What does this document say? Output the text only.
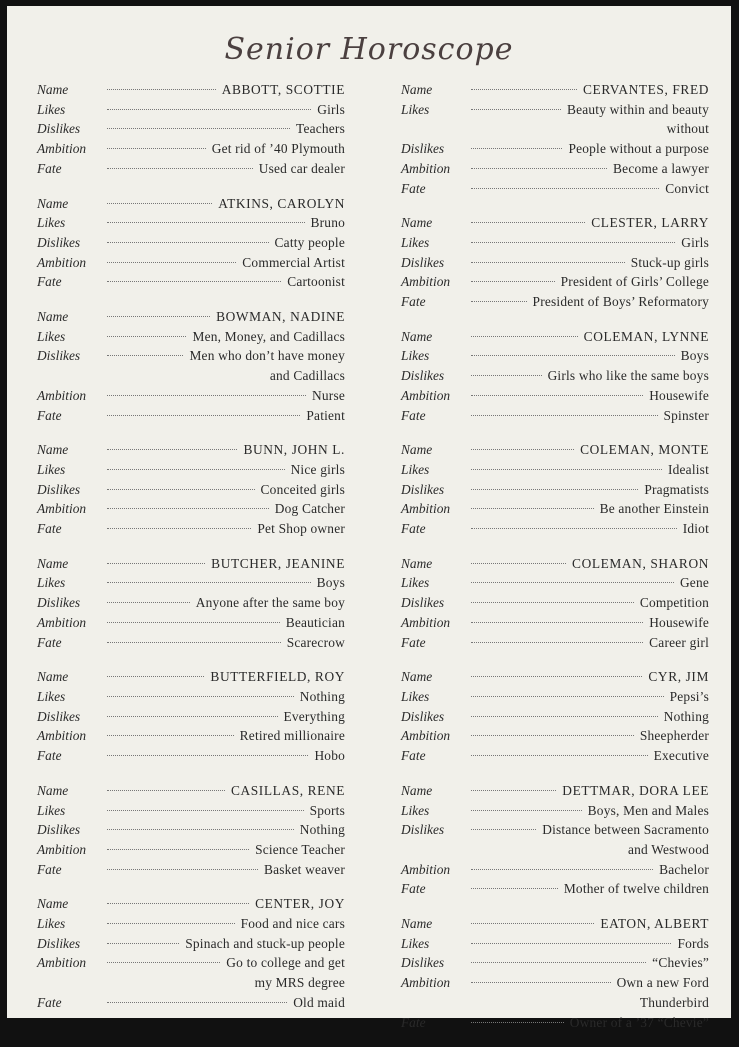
Senior Horoscope
Name	ABBOTT, SCOTTIE
Likes	Girls
Dislikes	Teachers
Ambition	Get rid of ’40 Plymouth
Fate	Used car dealer
Name	ATKINS, CAROLYN
Likes	Bruno
Dislikes	Catty people
Ambition	Commercial Artist
Fate	Cartoonist
Name	BOWMAN, NADINE
Likes	Men, Money, and Cadillacs
Dislikes	Men who don’t have money
and Cadillacs
Ambition	Nurse
Fate	Patient
Name	BUNN, JOHN L.
Likes	Nice girls
Dislikes	Conceited girls
Ambition	Dog Catcher
Fate	Pet Shop owner
Name	BUTCHER, JEANINE
Likes	Boys
Dislikes	Anyone after the same boy
Ambition	Beautician
Fate	Scarecrow
Name	BUTTERFIELD, ROY
Likes	Nothing
Dislikes	Everything
Ambition	Retired millionaire
Fate	Hobo
Name	CASILLAS, RENE
Likes	Sports
Dislikes	Nothing
Ambition	Science Teacher
Fate	Basket weaver
Name	CENTER, JOY
Likes	Food and nice cars
Dislikes	Spinach and stuck-up people
Ambition	Go to college and get
my MRS degree
Fate	Old maid
Name	CERVANTES, FRED
Likes	Beauty within and beauty
without
Dislikes	People without a purpose
Ambition	Become a lawyer
Fate	Convict
Name	CLESTER, LARRY
Likes	Girls
Dislikes	Stuck-up girls
Ambition	President of Girls’ College
Fate	President of Boys’ Reformatory
Name	COLEMAN, LYNNE
Likes	Boys
Dislikes	Girls who like the same boys
Ambition	Housewife
Fate	Spinster
Name	COLEMAN, MONTE
Likes	Idealist
Dislikes	Pragmatists
Ambition	Be another Einstein
Fate	Idiot
Name	COLEMAN, SHARON
Likes	Gene
Dislikes	Competition
Ambition	Housewife
Fate	Career girl
Name	CYR, JIM
Likes	Pepsi’s
Dislikes	Nothing
Ambition	Sheepherder
Fate	Executive
Name	DETTMAR, DORA LEE
Likes	Boys, Men and Males
Dislikes	Distance between Sacramento
and Westwood
Ambition	Bachelor
Fate	Mother of twelve children
Name	EATON, ALBERT
Likes	Fords
Dislikes	“Chevies”
Ambition	Own a new Ford
Thunderbird
Fate	Owner of a ’37 “Chevie”
